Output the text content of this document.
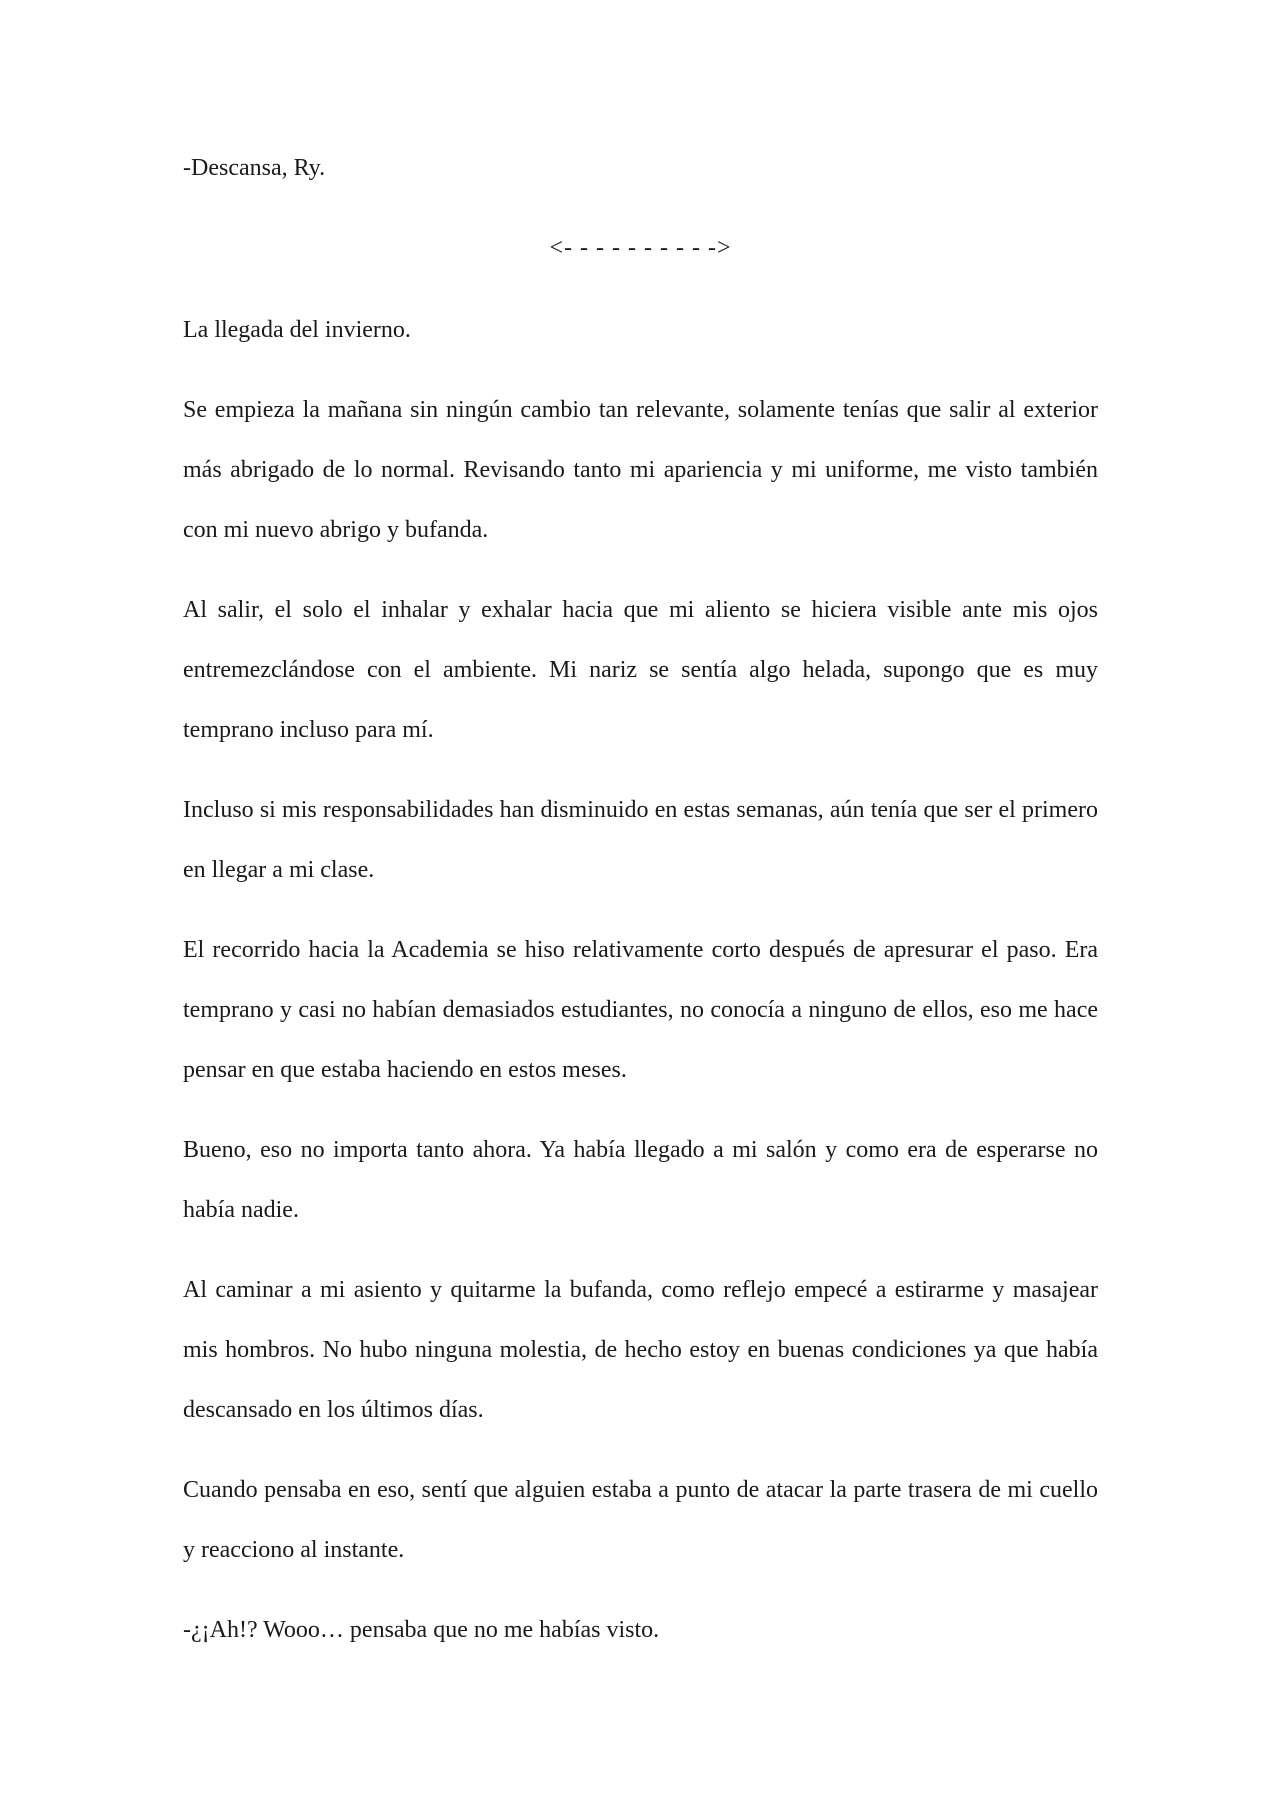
-Descansa, Ry.

<- - - - - - - - - ->

La llegada del invierno.

Se empieza la mañana sin ningún cambio tan relevante, solamente tenías que salir al exterior más abrigado de lo normal. Revisando tanto mi apariencia y mi uniforme, me visto también con mi nuevo abrigo y bufanda.

Al salir, el solo el inhalar y exhalar hacia que mi aliento se hiciera visible ante mis ojos entremezclándose con el ambiente. Mi nariz se sentía algo helada, supongo que es muy temprano incluso para mí.

Incluso si mis responsabilidades han disminuido en estas semanas, aún tenía que ser el primero en llegar a mi clase.

El recorrido hacia la Academia se hiso relativamente corto después de apresurar el paso. Era temprano y casi no habían demasiados estudiantes, no conocía a ninguno de ellos, eso me hace pensar en que estaba haciendo en estos meses.

Bueno, eso no importa tanto ahora. Ya había llegado a mi salón y como era de esperarse no había nadie.

Al caminar a mi asiento y quitarme la bufanda, como reflejo empecé a estirarme y masajear mis hombros. No hubo ninguna molestia, de hecho estoy en buenas condiciones ya que había descansado en los últimos días.

Cuando pensaba en eso, sentí que alguien estaba a punto de atacar la parte trasera de mi cuello y reacciono al instante.

-¿¡Ah!? Wooo… pensaba que no me habías visto.
